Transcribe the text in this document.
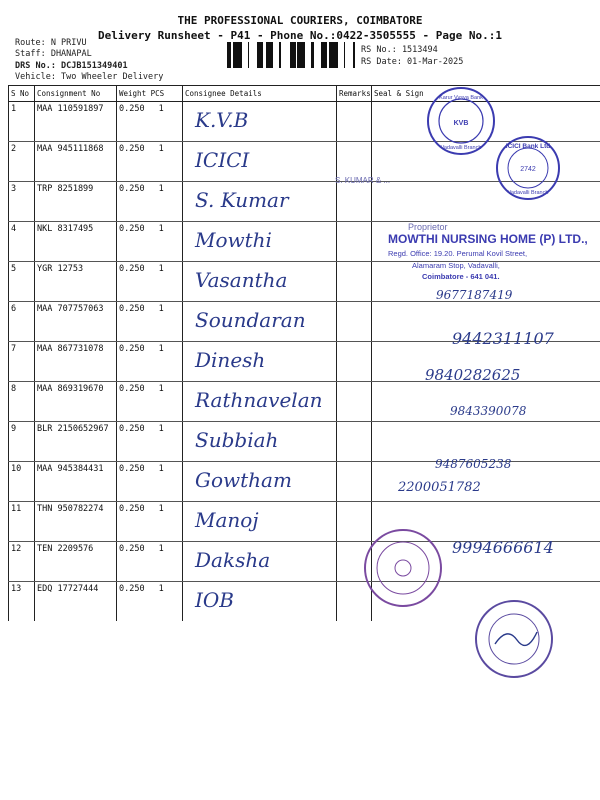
THE PROFESSIONAL COURIERS, COIMBATORE
Delivery Runsheet - P41 - Phone No.:0422-3505555 - Page No.:1
Route: N PRIVU
Staff: DHANAPAL
DRS No.: DCJB151349401
Vehicle: Two Wheeler Delivery
RS No.: 1513494
RS Date: 01-Mar-2025
S No	Consignment No	Weight PCS	Consignee Details	Remarks	Seal & Sign
1	MAA 110591897	0.250 1	K.V.B		

2	MAA 945111868	0.250 1	ICICI		

3	TRP 8251899	0.250 1	S. Kumar		

4	NKL 8317495	0.250 1	Mowthi		

5	YGR 12753	0.250 1	Vasantha		

6	MAA 707757063	0.250 1	Soundaran		

7	MAA 867731078	0.250 1	Dinesh		

8	MAA 869319670	0.250 1	Rathnavelan		

9	BLR 2150652967	0.250 1	Subbiah		

10	MAA 945384431	0.250 1	Gowtham		

11	THN 950782274	0.250 1	Manoj		

12	TEN 2209576	0.250 1	Daksha		

13	EDQ 17727444	0.250 1	IOB		

KVB
Karur Vysya Bank
Vadavalli Branch	ICICI Bank Ltd
2742
Vadavalli Branch
S. KUMAR & ...
Proprietor
MOWTHI NURSING HOME (P) LTD.,
Regd. Office: 19.20. Perumal Kovil Street,
Alamaram Stop, Vadavalli,
Coimbatore - 641 041.
9677187419
9442311107
9840282625
9843390078
9487605238
2200051782
9994666614
